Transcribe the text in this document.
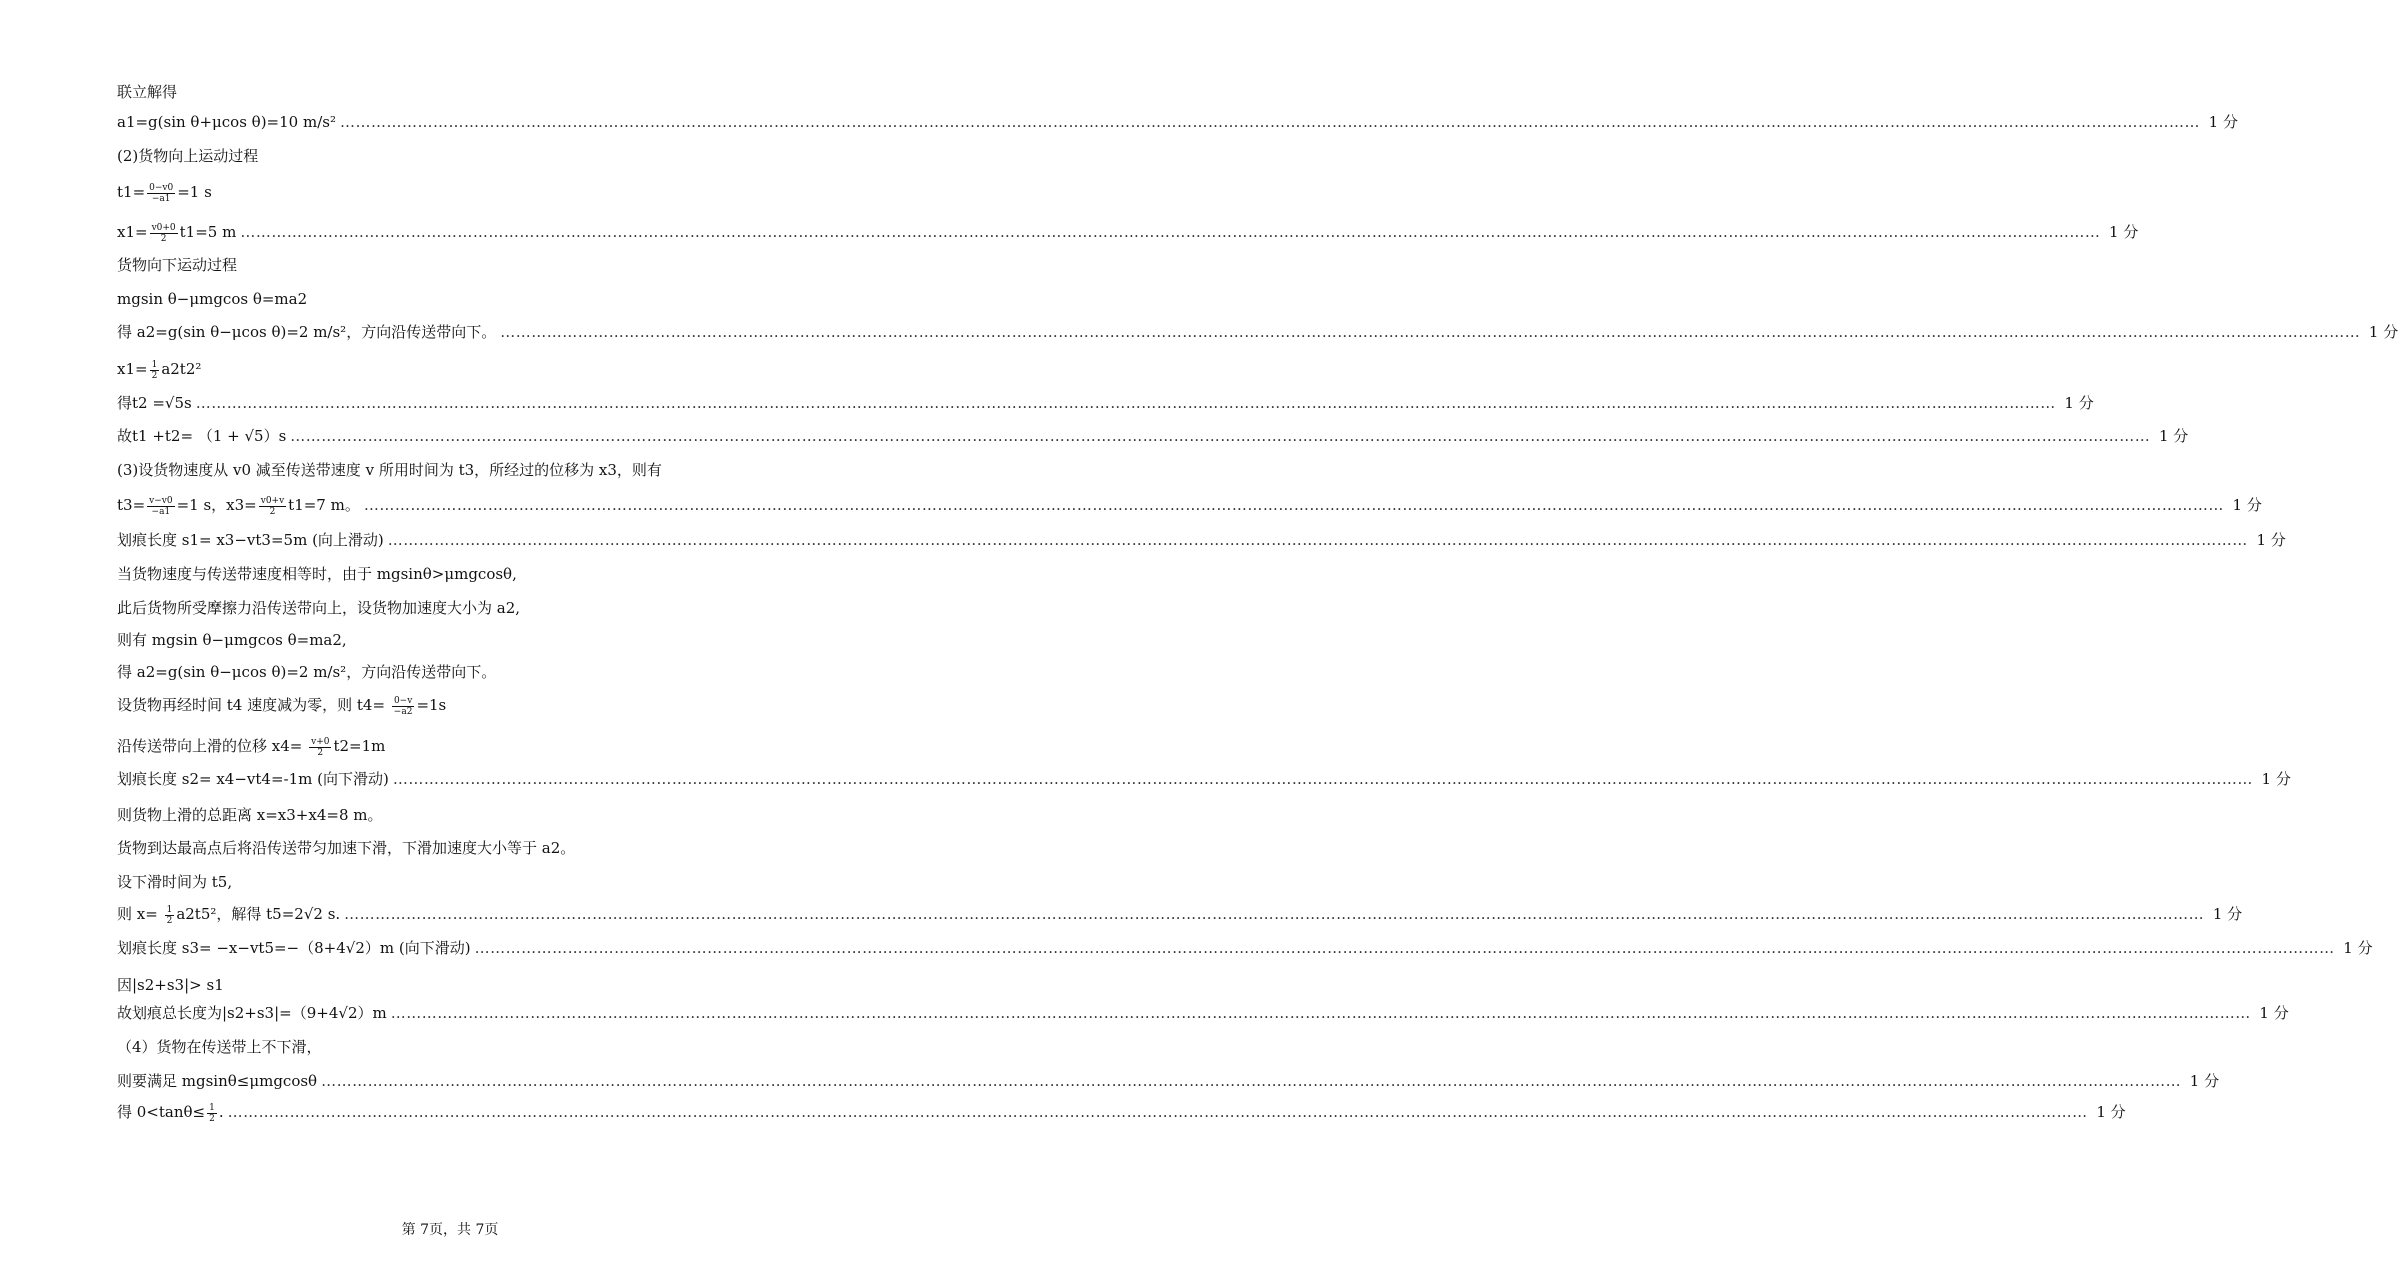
联立解得
a1=g(sin θ+μcos θ)=10 m/s² ……………………………………………………………………………………………………………………………………………………………………………………………………………………………………………………………………………………………………………………………… 1 分
(2)货物向上运动过程
$t1= \frac{0-v0}{-a1} =1$ s
$x1= \frac{v0+0}{2} t1=5$ m ……………………………………………………………………………………………………………………………………………………………………………………………………………………………………………………………………………………………………………………………… 1 分
货物向下运动过程
mgsin θ−μmgcos θ=ma2
得 a2=g(sin θ−μcos θ)=2 m/s²，方向沿传送带向下。 ……………………………………………………………………………………………………………………………………………………………………………………………………………………………………………………………………………………………………………………………… 1 分
$x1= \frac{1}{2} a2t2^2$
得t2 =√5s ……………………………………………………………………………………………………………………………………………………………………………………………………………………………………………………………………………………………………………………………… 1 分
故t1 +t2= （1 + √5）s ……………………………………………………………………………………………………………………………………………………………………………………………………………………………………………………………………………………………………………………………… 1 分
(3)设货物速度从 v0 减至传送带速度 v 所用时间为 t3，所经过的位移为 x3，则有
$t3= \frac{v-v0}{-a1} =1$ s，$x3= \frac{v0+v}{2} t1=7$ m。 ……………………………………………………………………………………………………………………………………………………………………………………………………………………………………………………………………………………………………………………………… 1 分
划痕长度 s1= x3−vt3=5m (向上滑动) ……………………………………………………………………………………………………………………………………………………………………………………………………………………………………………………………………………………………………………………………… 1 分
当货物速度与传送带速度相等时，由于 mgsinθ>μmgcosθ,
此后货物所受摩擦力沿传送带向上，设货物加速度大小为 a2,
则有 mgsin θ−μmgcos θ=ma2,
得 a2=g(sin θ−μcos θ)=2 m/s²，方向沿传送带向下。
设货物再经时间 t4 速度减为零，则 $t4= \frac{0-v}{-a2} =1s$
沿传送带向上滑的位移 $x4= \frac{v+0}{2} t2=1m$
划痕长度 s2= x4−vt4=-1m (向下滑动) ……………………………………………………………………………………………………………………………………………………………………………………………………………………………………………………………………………………………………………………………… 1 分
则货物上滑的总距离 x=x3+x4=8 m。
货物到达最高点后将沿传送带匀加速下滑，下滑加速度大小等于 a2。
设下滑时间为 t5,
则 $x= \frac{1}{2} a2t5^2$，解得 t5=2√2 s. ……………………………………………………………………………………………………………………………………………………………………………………………………………………………………………………………………………………………………………………………… 1 分
划痕长度 s3= −x−vt5=−（8+4√2）m (向下滑动) ……………………………………………………………………………………………………………………………………………………………………………………………………………………………………………………………………………………………………………………………… 1 分
因|s2+s3|> s1
故划痕总长度为|s2+s3|=（9+4√2）m ……………………………………………………………………………………………………………………………………………………………………………………………………………………………………………………………………………………………………………………………… 1 分
（4）货物在传送带上不下滑，
则要满足 mgsinθ≤μmgcosθ ……………………………………………………………………………………………………………………………………………………………………………………………………………………………………………………………………………………………………………………………… 1 分
得 $0<\tan\theta\le \frac{1}{2}$ . ……………………………………………………………………………………………………………………………………………………………………………………………………………………………………………………………………………………………………………………………… 1 分
第 7页，共 7页
